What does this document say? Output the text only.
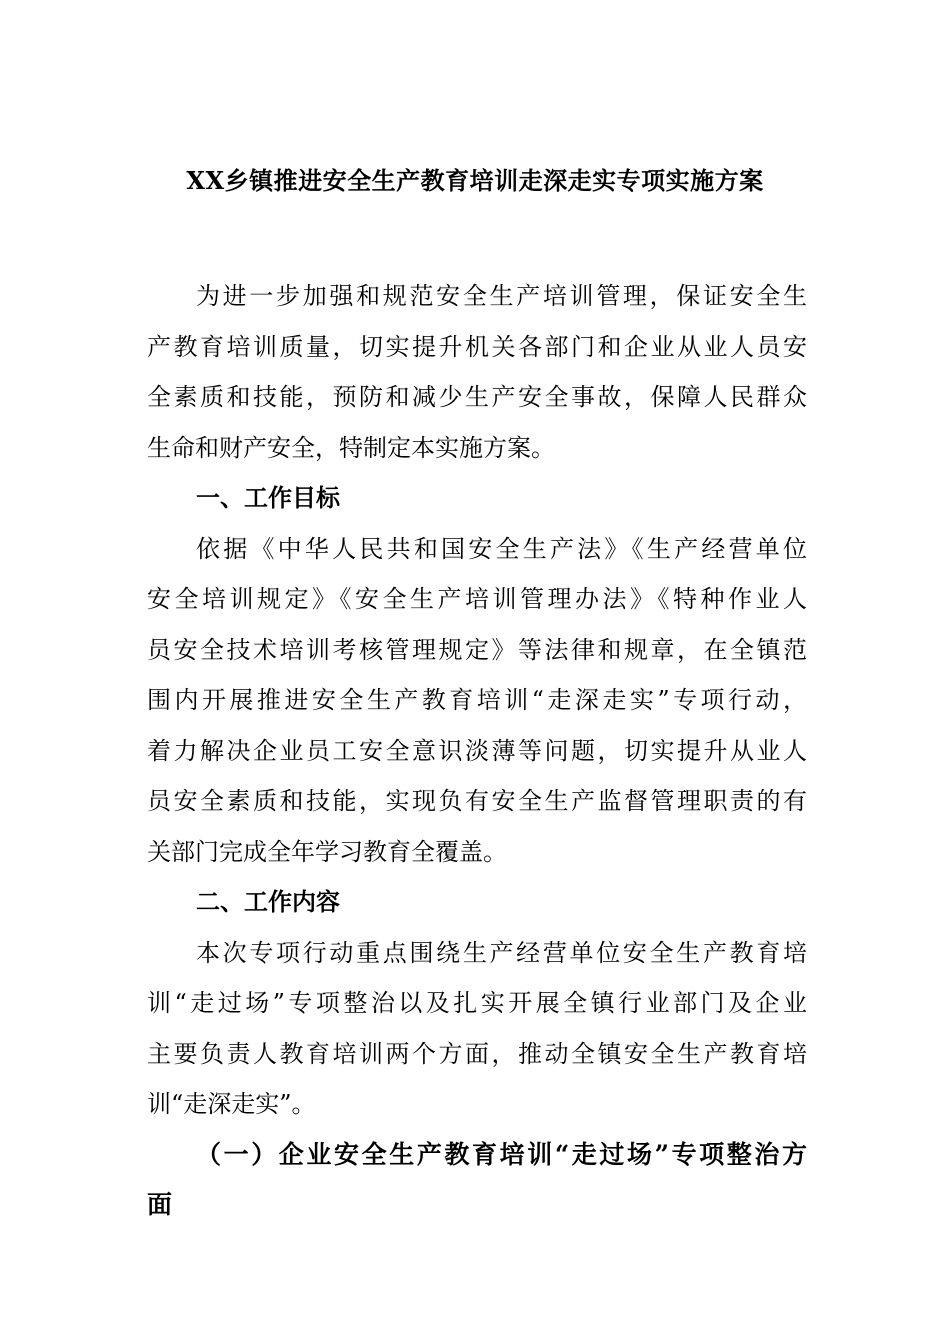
XX乡镇推进安全生产教育培训走深走实专项实施方案
为进一步加强和规范安全生产培训管理，保证安全生
产教育培训质量，切实提升机关各部门和企业从业人员安
全素质和技能，预防和减少生产安全事故，保障人民群众
生命和财产安全，特制定本实施方案。
一、工作目标
依据《中华人民共和国安全生产法》《生产经营单位
安全培训规定》《安全生产培训管理办法》《特种作业人
员安全技术培训考核管理规定》等法律和规章，在全镇范
围内开展推进安全生产教育培训“走深走实”专项行动，
着力解决企业员工安全意识淡薄等问题，切实提升从业人
员安全素质和技能，实现负有安全生产监督管理职责的有
关部门完成全年学习教育全覆盖。
二、工作内容
本次专项行动重点围绕生产经营单位安全生产教育培
训“走过场”专项整治以及扎实开展全镇行业部门及企业
主要负责人教育培训两个方面，推动全镇安全生产教育培
训“走深走实”。
（一）企业安全生产教育培训“走过场”专项整治方
面
